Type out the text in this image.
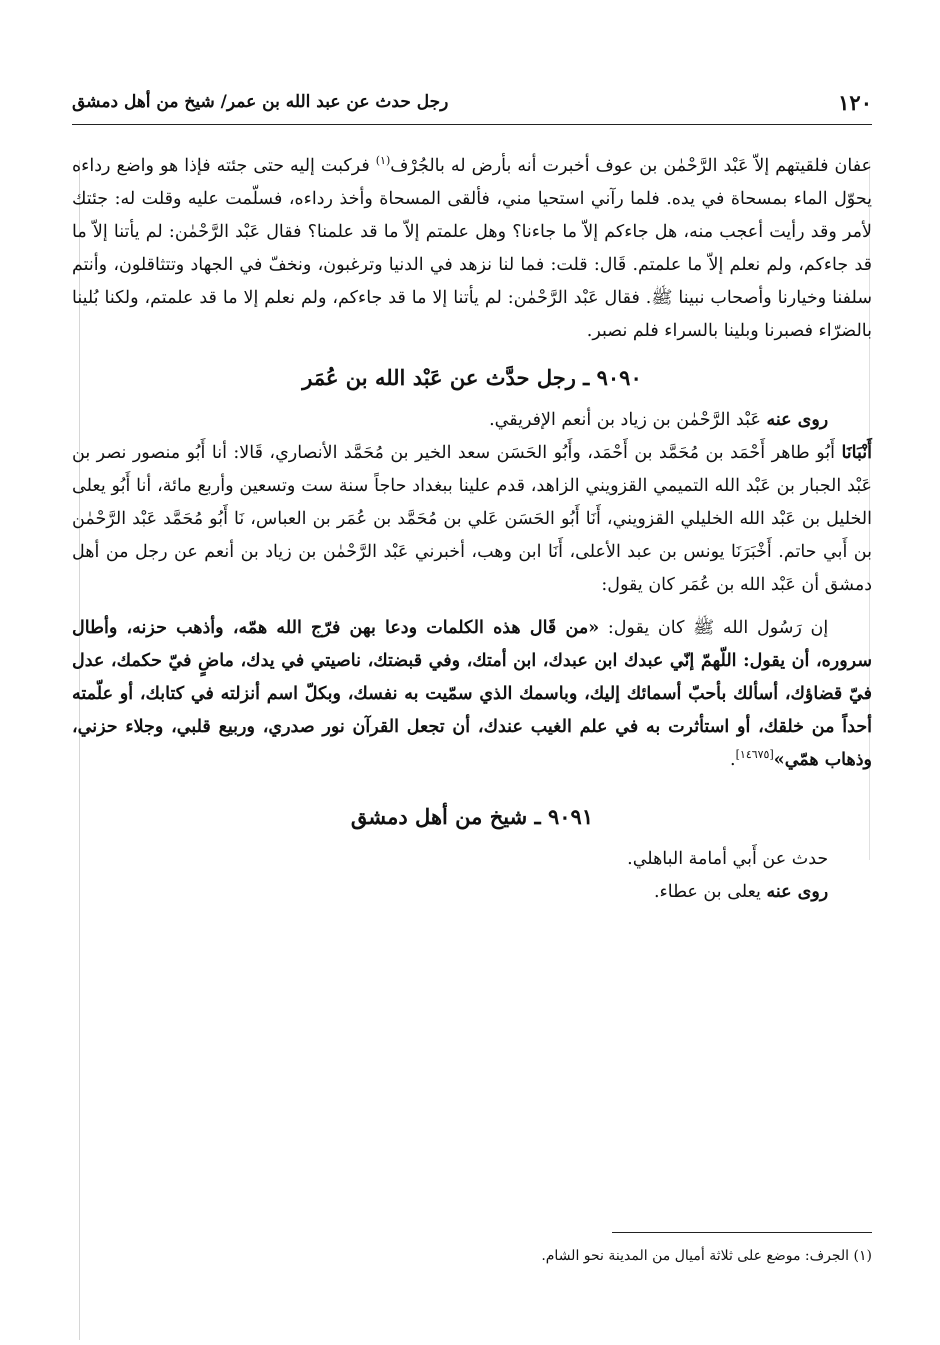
١٢٠
رجل حدث عن عبد الله بن عمر/ شيخ من أهل دمشق

عفان فلقيتهم إلاّ عَبْد الرَّحْمٰن بن عوف أخبرت أنه بأرض له بالجُرْف$^{(١)}$ فركبت إليه حتى جئته فإذا هو واضع رداءه يحوّل الماء بمسحاة في يده. فلما رآني استحيا مني، فألقى المسحاة وأخذ رداءه، فسلّمت عليه وقلت له: جئتك لأمر وقد رأيت أعجب منه، هل جاءكم إلاّ ما جاءنا؟ وهل علمتم إلاّ ما قد علمنا؟ فقال عَبْد الرَّحْمٰن: لم يأتنا إلاّ ما قد جاءكم، ولم نعلم إلاّ ما علمتم. قَال: قلت: فما لنا نزهد في الدنيا وترغبون، ونخفّ في الجهاد وتتثاقلون، وأنتم سلفنا وخيارنا وأصحاب نبينا ﷺ. فقال عَبْد الرَّحْمٰن: لم يأتنا إلا ما قد جاءكم، ولم نعلم إلا ما قد علمتم، ولكنا بُلينا بالضرّاء فصبرنا وبلينا بالسراء فلم نصبر.

٩٠٩٠ ـ رجل حدَّث عن عَبْد الله بن عُمَر

روى عنه عَبْد الرَّحْمٰن بن زياد بن أنعم الإفريقي.

أَنْبَانَا أَبُو طاهر أَحْمَد بن مُحَمَّد بن أَحْمَد، وأَبُو الحَسَن سعد الخير بن مُحَمَّد الأنصاري، قَالا: أنا أَبُو منصور نصر بن عَبْد الجبار بن عَبْد الله التميمي القزويني الزاهد، قدم علينا ببغداد حاجاً سنة ست وتسعين وأربع مائة، أنا أَبُو يعلى الخليل بن عَبْد الله الخليلي القزويني، أَنَا أَبُو الحَسَن عَلي بن مُحَمَّد بن عُمَر بن العباس، نَا أَبُو مُحَمَّد عَبْد الرَّحْمٰن بن أَبي حاتم. أَخْبَرَنَا يونس بن عبد الأعلى، أَنَا ابن وهب، أخبرني عَبْد الرَّحْمٰن بن زياد بن أنعم عن رجل من أهل دمشق أن عَبْد الله بن عُمَر كان يقول:

إن رَسُول الله ﷺ كان يقول: «من قَال هذه الكلمات ودعا بهن فرّج الله همّه، وأذهب حزنه، وأطال سروره، أن يقول: اللّهمّ إنّي عبدك ابن عبدك، ابن أمتك، وفي قبضتك، ناصيتي في يدك، ماضٍ فيّ حكمك، عدل فيّ قضاؤك، أسألك بأحبّ أسمائك إليك، وباسمك الذي سمّيت به نفسك، وبكلّ اسم أنزلته في كتابك، أو علّمته أحداً من خلقك، أو استأثرت به في علم الغيب عندك، أن تجعل القرآن نور صدري، وربيع قلبي، وجلاء حزني، وذهاب همّي»[١٤٦٧٥].

٩٠٩١ ـ شيخ من أهل دمشق

حدث عن أَبي أمامة الباهلي.

روى عنه يعلى بن عطاء.

(١) الجرف: موضع على ثلاثة أميال من المدينة نحو الشام.
